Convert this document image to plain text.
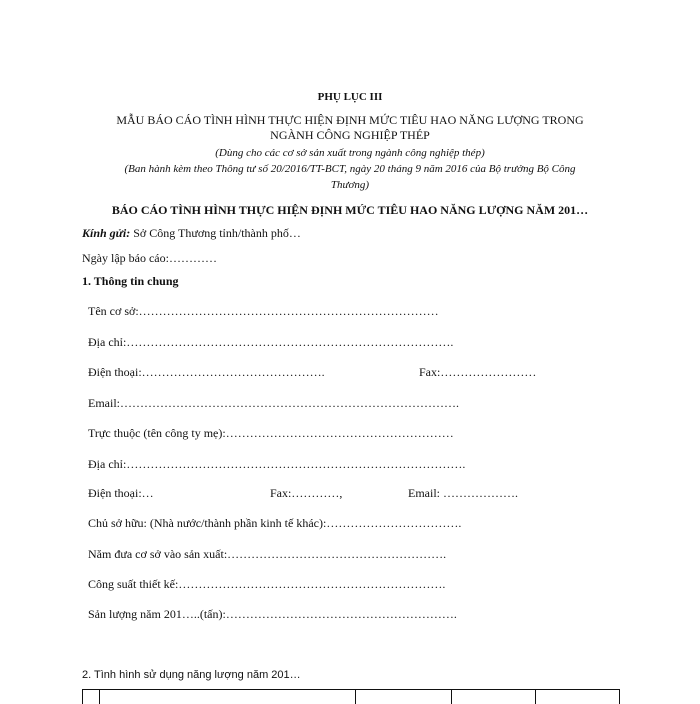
PHỤ LỤC III
MẪU BÁO CÁO TÌNH HÌNH THỰC HIỆN ĐỊNH MỨC TIÊU HAO NĂNG LƯỢNG TRONG
NGÀNH CÔNG NGHIỆP THÉP
(Dùng cho các cơ sở sản xuất trong ngành công nghiệp thép)
(Ban hành kèm theo Thông tư số 20/2016/TT-BCT, ngày 20 tháng 9 năm 2016 của Bộ trưởng Bộ Công
Thương)
BÁO CÁO TÌNH HÌNH THỰC HIỆN ĐỊNH MỨC TIÊU HAO NĂNG LƯỢNG NĂM 201…
Kính gửi: Sở Công Thương tỉnh/thành phố…
Ngày lập báo cáo:…………
1. Thông tin chung
Tên cơ sở:…………………………………………………………………
Địa chỉ:……………………………………………………………………….
Điện thoại:……………………………………….	Fax:……………………
Email:………………………………………………………………………….
Trực thuộc (tên công ty mẹ):…………………………………………………
Địa chỉ:………………………………………………………………………….
Điện thoại:…	Fax:…………,	Email: ……………….
Chủ sở hữu: (Nhà nước/thành phần kinh tế khác):…………………………….
Năm đưa cơ sở vào sản xuất:……………………………………………….
Công suất thiết kế:………………………………………………………….
Sản lượng năm 201…..(tấn):………………………………………………….
2. Tình hình sử dụng năng lượng năm 201…
